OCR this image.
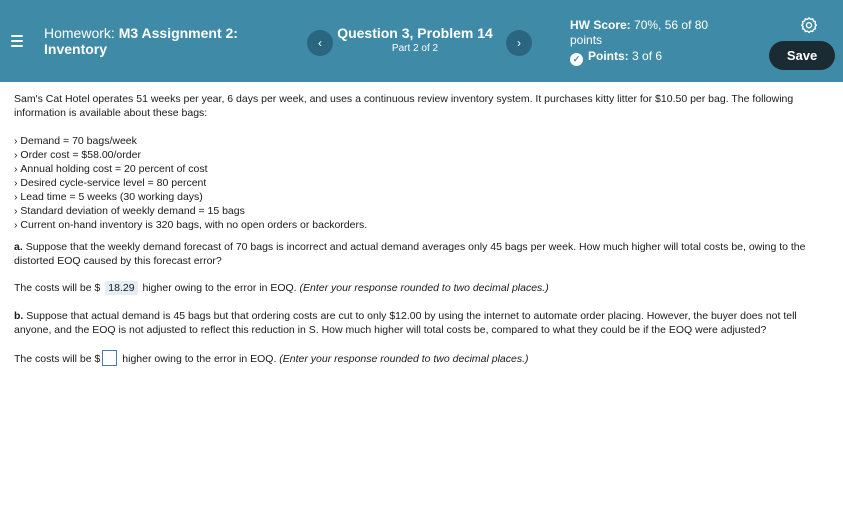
Homework: M3 Assignment 2: Inventory	‹
Question 3, Problem 14
Part 2 of 2	›
HW Score: 70%, 56 of 80
points
✓ Points: 3 of 6	Save

Sam's Cat Hotel operates 51 weeks per year, 6 days per week, and uses a continuous review inventory system. It purchases kitty litter for $10.50 per bag. The following information is available about these bags:

› Demand = 70 bags/week
› Order cost = $58.00/order
› Annual holding cost = 20 percent of cost
› Desired cycle-service level = 80 percent
› Lead time = 5 weeks (30 working days)
› Standard deviation of weekly demand = 15 bags
› Current on-hand inventory is 320 bags, with no open orders or backorders.

a. Suppose that the weekly demand forecast of 70 bags is incorrect and actual demand averages only 45 bags per week. How much higher will total costs be, owing to the distorted EOQ caused by this forecast error?

The costs will be $ 18.29 higher owing to the error in EOQ. (Enter your response rounded to two decimal places.)

b. Suppose that actual demand is 45 bags but that ordering costs are cut to only $12.00 by using the internet to automate order placing. However, the buyer does not tell anyone, and the EOQ is not adjusted to reflect this reduction in S. How much higher will total costs be, compared to what they could be if the EOQ were adjusted?

The costs will be $ higher owing to the error in EOQ. (Enter your response rounded to two decimal places.)
